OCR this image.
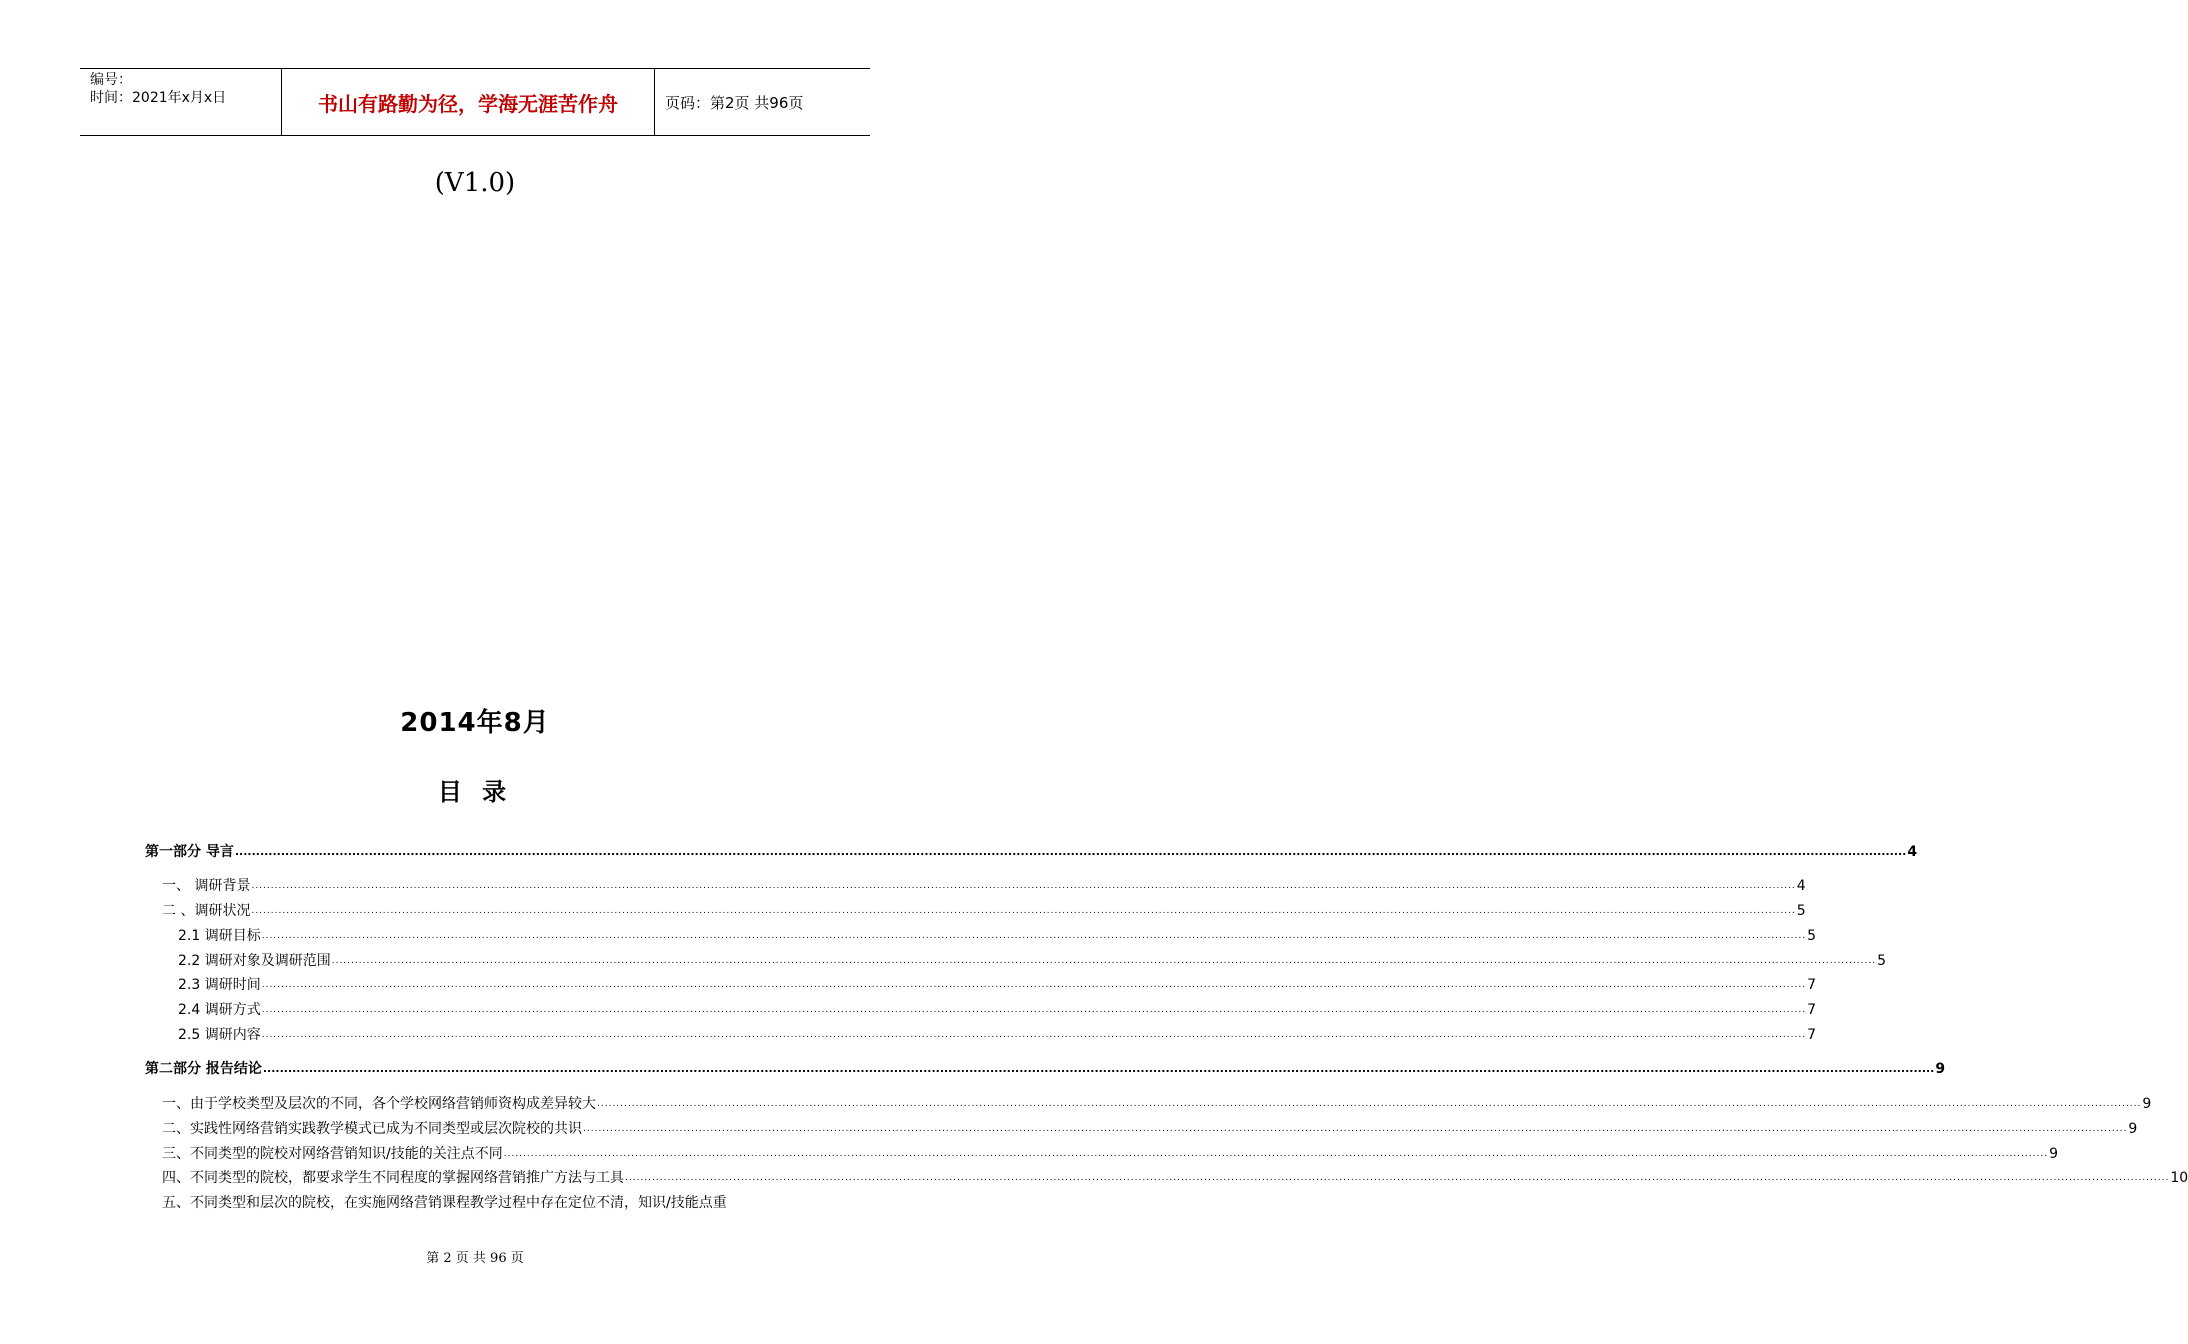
编号：
时间：2021年x月x日	书山有路勤为径，学海无涯苦作舟	页码：第2页 共96页
(V1.0)
2014年8月
目 录
第一部分 导言 ................................................................................................................................................................................................................................................................................................................................................................................................................ 4
一、 调研背景 ................................................................................................................................................................................................................................................................................................................................................................................................................ 4
二 、调研状况 ................................................................................................................................................................................................................................................................................................................................................................................................................ 5
2.1 调研目标 ................................................................................................................................................................................................................................................................................................................................................................................................................ 5
2.2 调研对象及调研范围 ................................................................................................................................................................................................................................................................................................................................................................................................................ 5
2.3 调研时间 ................................................................................................................................................................................................................................................................................................................................................................................................................ 7
2.4 调研方式 ................................................................................................................................................................................................................................................................................................................................................................................................................ 7
2.5 调研内容 ................................................................................................................................................................................................................................................................................................................................................................................................................ 7
第二部分 报告结论 ................................................................................................................................................................................................................................................................................................................................................................................................................ 9
一、由于学校类型及层次的不同，各个学校网络营销师资构成差异较大 ................................................................................................................................................................................................................................................................................................................................................................................................................ 9
二、实践性网络营销实践教学模式已成为不同类型或层次院校的共识 ................................................................................................................................................................................................................................................................................................................................................................................................................ 9
三、不同类型的院校对网络营销知识/技能的关注点不同 ................................................................................................................................................................................................................................................................................................................................................................................................................ 9
四、不同类型的院校，都要求学生不同程度的掌握网络营销推广方法与工具 ................................................................................................................................................................................................................................................................................................................................................................................................................ 10
五、不同类型和层次的院校，在实施网络营销课程教学过程中存在定位不清，知识/技能点重
第 2 页 共 96 页
